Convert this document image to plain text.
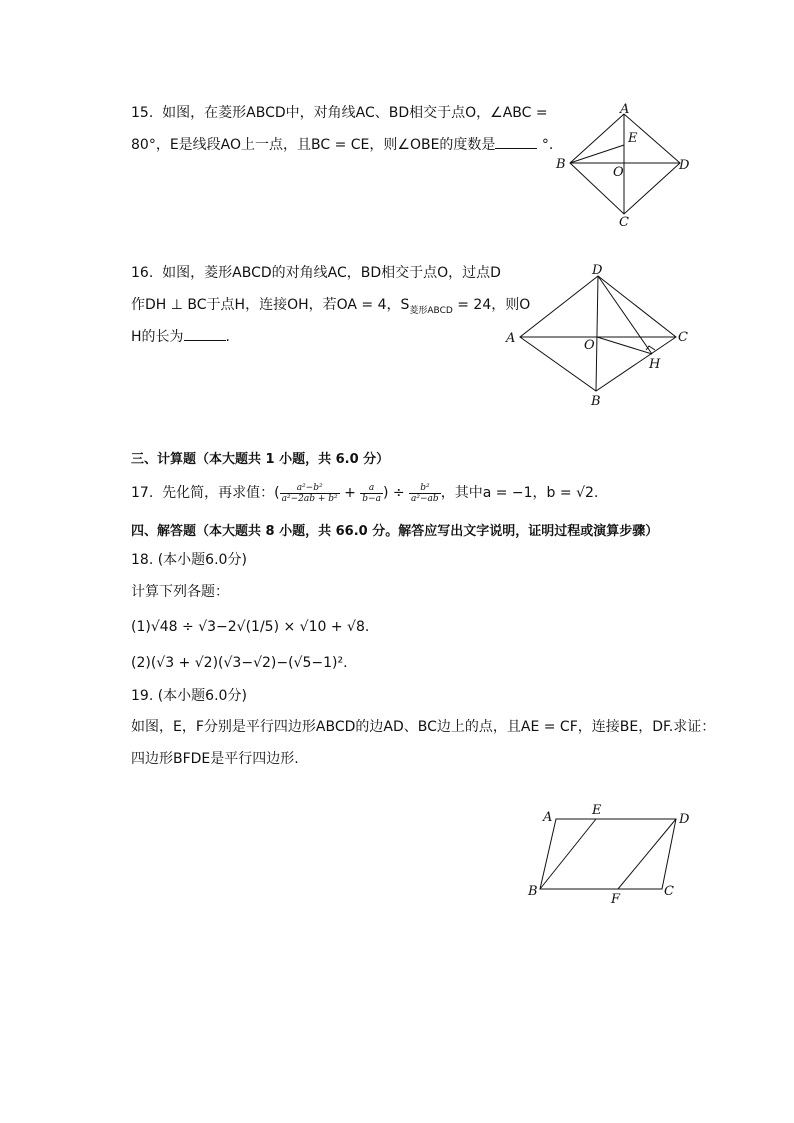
15. 如图，在菱形ABCD中，对角线AC、BD相交于点O，∠ABC =
80°，E是线段AO上一点，且BC = CE，则∠OBE的度数是	°.
A
B
C
D
E
O
16. 如图，菱形ABCD的对角线AC，BD相交于点O，过点D
作DH ⊥ BC于点H，连接OH，若OA = 4，$S_{菱形ABCD} = 24$，则O
H的长为	.
D
A	C
B
O
H
三、计算题（本大题共 1 小题，共 6.0 分）
17. 先化简，再求值：( $\frac{\text{a²−b²}}{\text{a²−2ab + b²}} + \frac{a}{b-a}$ ) ÷ $\frac{\text{b²}}{\text{a²−ab}}$ ，其中a = −1，b = √2.
四、解答题（本大题共 8 小题，共 66.0 分。解答应写出文字说明，证明过程或演算步骤）
18. (本小题6.0分)
计算下列各题：
(1)√48 ÷ √3−2√(1/5) × √10 + √8.
(2)(√3 + √2)(√3−√2)−(√5−1)².
19. (本小题6.0分)
如图，E，F分别是平行四边形ABCD的边AD、BC边上的点，且AE = CF，连接BE，DF.求证：
四边形BFDE是平行四边形.
A	E
D
B
F
C
